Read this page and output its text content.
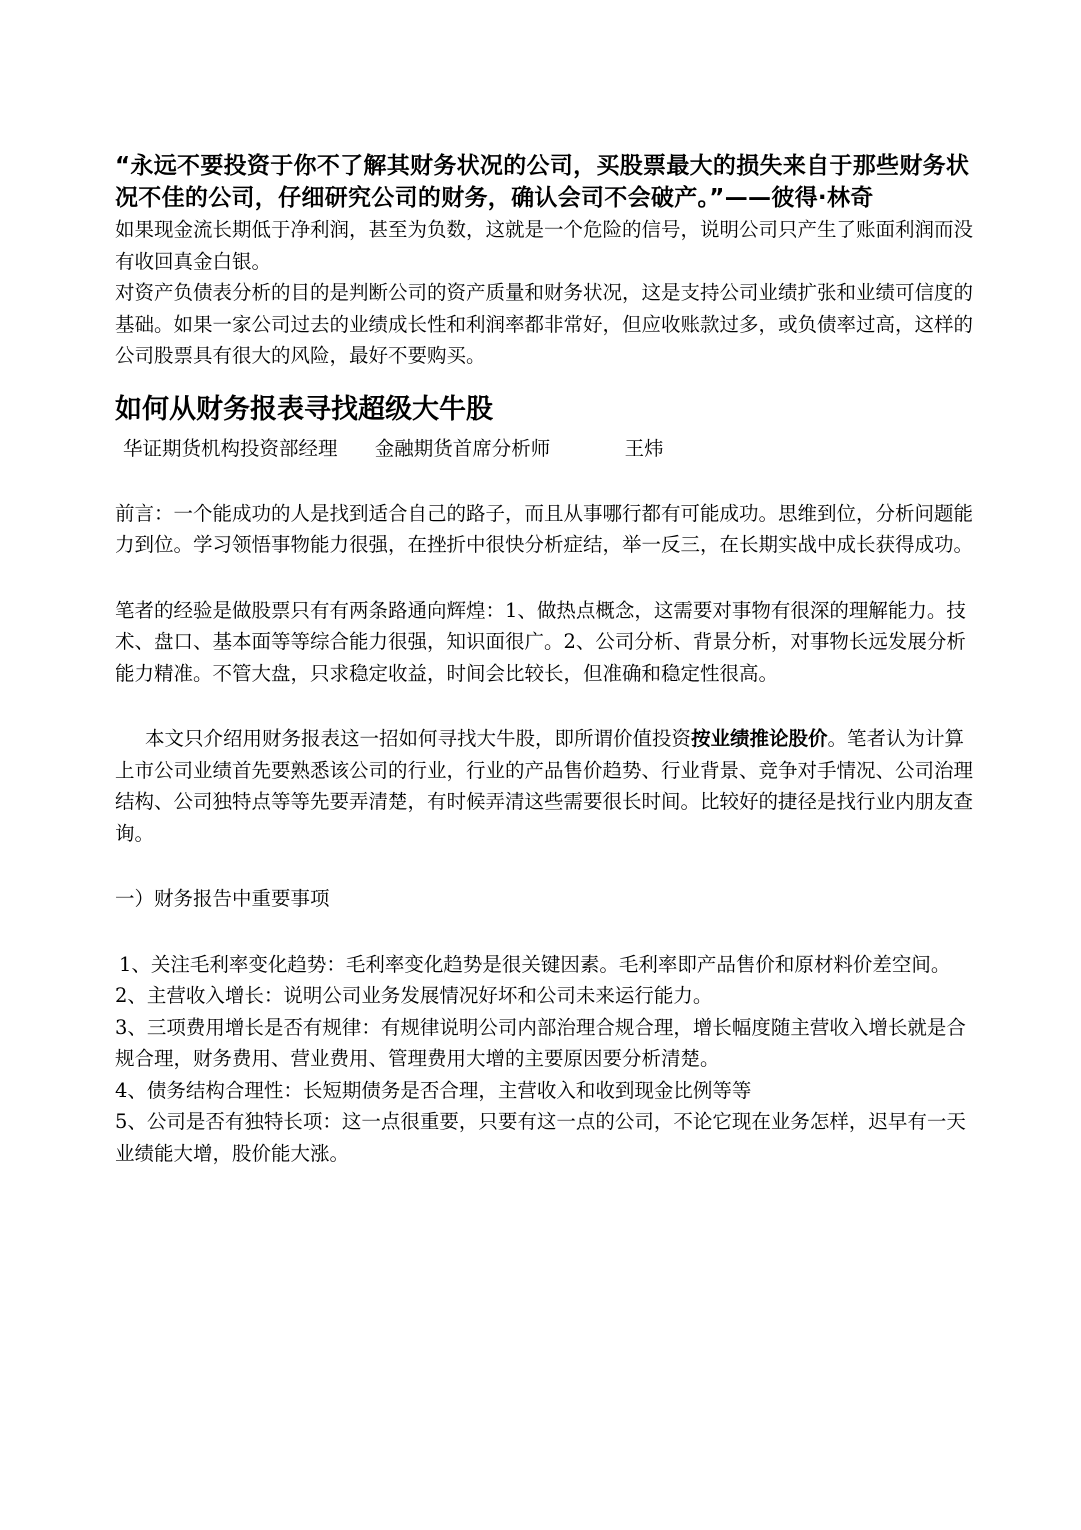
“永远不要投资于你不了解其财务状况的公司，买股票最大的损失来自于那些财务状况不佳的公司，仔细研究公司的财务，确认会司不会破产。”——彼得·林奇

如果现金流长期低于净利润，甚至为负数，这就是一个危险的信号，说明公司只产生了账面利润而没有收回真金白银。

对资产负债表分析的目的是判断公司的资产质量和财务状况，这是支持公司业绩扩张和业绩可信度的基础。如果一家公司过去的业绩成长性和利润率都非常好，但应收账款过多，或负债率过高，这样的公司股票具有很大的风险，最好不要购买。

如何从财务报表寻找超级大牛股

华证期货机构投资部经理      金融期货首席分析师            王炜

前言：一个能成功的人是找到适合自己的路子，而且从事哪行都有可能成功。思维到位，分析问题能力到位。学习领悟事物能力很强，在挫折中很快分析症结，举一反三，在长期实战中成长获得成功。

笔者的经验是做股票只有有两条路通向辉煌：1、做热点概念，这需要对事物有很深的理解能力。技术、盘口、基本面等等综合能力很强，知识面很广。2、公司分析、背景分析，对事物长远发展分析能力精准。不管大盘，只求稳定收益，时间会比较长，但准确和稳定性很高。

本文只介绍用财务报表这一招如何寻找大牛股，即所谓价值投资按业绩推论股价。笔者认为计算上市公司业绩首先要熟悉该公司的行业，行业的产品售价趋势、行业背景、竞争对手情况、公司治理结构、公司独特点等等先要弄清楚，有时候弄清这些需要很长时间。比较好的捷径是找行业内朋友查询。

一）财务报告中重要事项

1、关注毛利率变化趋势：毛利率变化趋势是很关键因素。毛利率即产品售价和原材料价差空间。

2、主营收入增长：说明公司业务发展情况好坏和公司未来运行能力。

3、三项费用增长是否有规律：有规律说明公司内部治理合规合理，增长幅度随主营收入增长就是合规合理，财务费用、营业费用、管理费用大增的主要原因要分析清楚。

4、债务结构合理性：长短期债务是否合理，主营收入和收到现金比例等等

5、公司是否有独特长项：这一点很重要，只要有这一点的公司，不论它现在业务怎样，迟早有一天业绩能大增，股价能大涨。
